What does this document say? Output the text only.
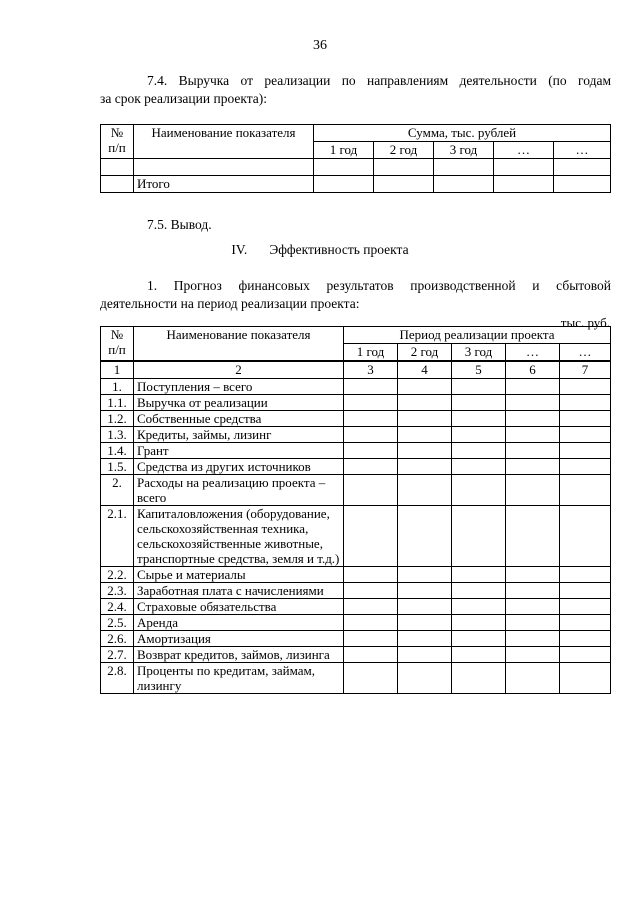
36
7.4. Выручка от реализации по направлениям деятельности (по годам
за срок реализации проекта):
№ п/п	Наименование показателя	Сумма, тыс. рублей				
		1 год	2 год	3 год	…	…

	Итого					
7.5. Вывод.
IV. Эффективность проекта
1. Прогноз финансовых результатов производственной и сбытовой
деятельности на период реализации проекта:
тыс. руб.
№ п/п	Наименование показателя	Период реализации проекта				
		1 год	2 год	3 год	…	…
1	2	3	4	5	6	7
1.	Поступления – всего					
1.1.	Выручка от реализации					
1.2.	Собственные средства					
1.3.	Кредиты, займы, лизинг					
1.4.	Грант					
1.5.	Средства из других источников					
2.	Расходы на реализацию проекта – всего					
2.1.	Капиталовложения (оборудование, сельскохозяйственная техника, сельскохозяйственные животные, транспортные средства, земля и т.д.)					
2.2.	Сырье и материалы					
2.3.	Заработная плата с начислениями					
2.4.	Страховые обязательства					
2.5.	Аренда					
2.6.	Амортизация					
2.7.	Возврат кредитов, займов, лизинга					
2.8.	Проценты по кредитам, займам, лизингу					
